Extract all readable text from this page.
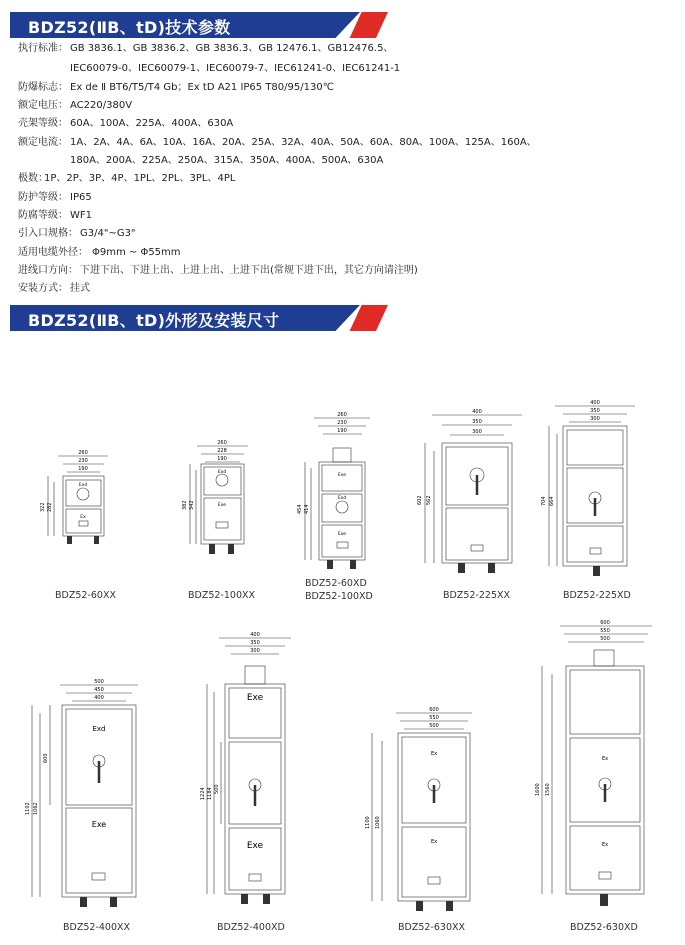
BDZ52(ⅡB、tD)技术参数
执行标准： GB 3836.1、GB 3836.2、GB 3836.3、GB 12476.1、GB12476.5、
IEC60079-0、IEC60079-1、IEC60079-7、IEC61241-0、IEC61241-1
防爆标志： Ex de Ⅱ BT6/T5/T4 Gb；Ex tD A21 IP65 T80/95/130℃
额定电压： AC220/380V
壳架等级： 60A、100A、225A、400A、630A
额定电流： 1A、2A、4A、6A、10A、16A、20A、25A、32A、40A、50A、60A、80A、100A、125A、160A、
180A、200A、225A、250A、315A、350A、400A、500A、630A
极数：
1P、2P、3P、4P、1PL、2PL、3PL、4PL
防护等级： IP65
防腐等级： WF1
引入口规格： G3/4"~G3"
适用电缆外径： Φ9mm ~ Φ55mm
进线口方向： 下进下出、下进上出、上进上出、上进下出(常规下进下出，其它方向请注明)
安装方式： 挂式
BDZ52(ⅡB、tD)外形及安装尺寸
260
230
190
322 282
Exd
Ex
BDZ52-60XX
260
228
190
382 342
Exd
Exe
BDZ52-100XX
260
230
190
454 414
Exe
Exd
Exe
BDZ52-60XD
BDZ52-100XD
400
350
300
602 562
BDZ52-225XX
400
350
300
704 664
BDZ52-225XD
500
450
400
1102 1062
600
Exd
Exe
BDZ52-400XX
400
350
300
1224 1184 500
Exe
Exe
BDZ52-400XD
600
550
500
1100 1060
Ex
Ex
BDZ52-630XX
600
550
500
1600 1560
Ex
Ex
BDZ52-630XD
